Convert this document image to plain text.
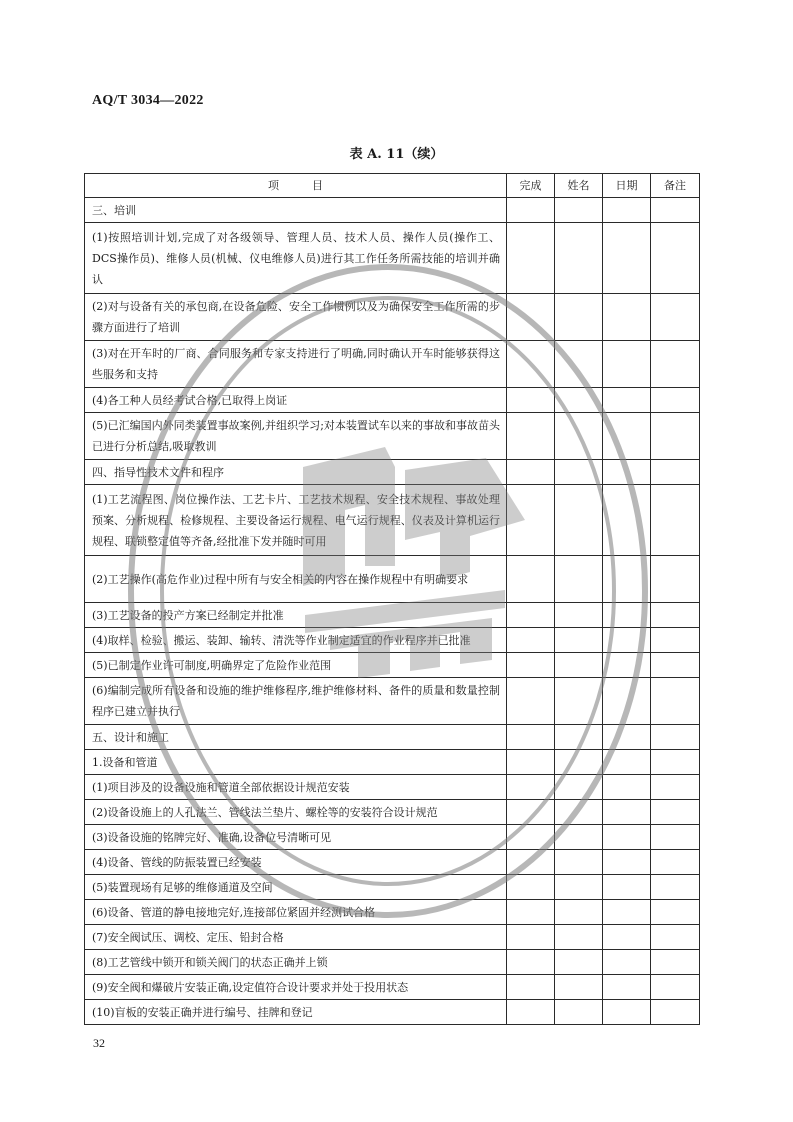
AQ/T 3034—2022
表 A. 11（续）
项　　　目	完成	姓名	日期	备注
三、培训				
(1)按照培训计划,完成了对各级领导、管理人员、技术人员、操作人员(操作工、DCS操作员)、维修人员(机械、仪电维修人员)进行其工作任务所需技能的培训并确认				
(2)对与设备有关的承包商,在设备危险、安全工作惯例以及为确保安全工作所需的步骤方面进行了培训				
(3)对在开车时的厂商、合同服务和专家支持进行了明确,同时确认开车时能够获得这些服务和支持				
(4)各工种人员经考试合格,已取得上岗证				
(5)已汇编国内外同类装置事故案例,并组织学习;对本装置试车以来的事故和事故苗头已进行分析总结,吸取教训				
四、指导性技术文件和程序				
(1)工艺流程图、岗位操作法、工艺卡片、工艺技术规程、安全技术规程、事故处理预案、分析规程、检修规程、主要设备运行规程、电气运行规程、仪表及计算机运行规程、联锁整定值等齐备,经批准下发并随时可用				
(2)工艺操作(高危作业)过程中所有与安全相关的内容在操作规程中有明确要求				
(3)工艺设备的投产方案已经制定并批准				
(4)取样、检验、搬运、装卸、输转、清洗等作业制定适宜的作业程序并已批准				
(5)已制定作业许可制度,明确界定了危险作业范围				
(6)编制完成所有设备和设施的维护维修程序,维护维修材料、备件的质量和数量控制程序已建立并执行				
五、设计和施工				
1.设备和管道				
(1)项目涉及的设备设施和管道全部依据设计规范安装				
(2)设备设施上的人孔法兰、管线法兰垫片、螺栓等的安装符合设计规范				
(3)设备设施的铭牌完好、准确,设备位号清晰可见				
(4)设备、管线的防振装置已经安装				
(5)装置现场有足够的维修通道及空间				
(6)设备、管道的静电接地完好,连接部位紧固并经测试合格				
(7)安全阀试压、调校、定压、铅封合格				
(8)工艺管线中锁开和锁关阀门的状态正确并上锁				
(9)安全阀和爆破片安装正确,设定值符合设计要求并处于投用状态				
(10)盲板的安装正确并进行编号、挂牌和登记				
32
